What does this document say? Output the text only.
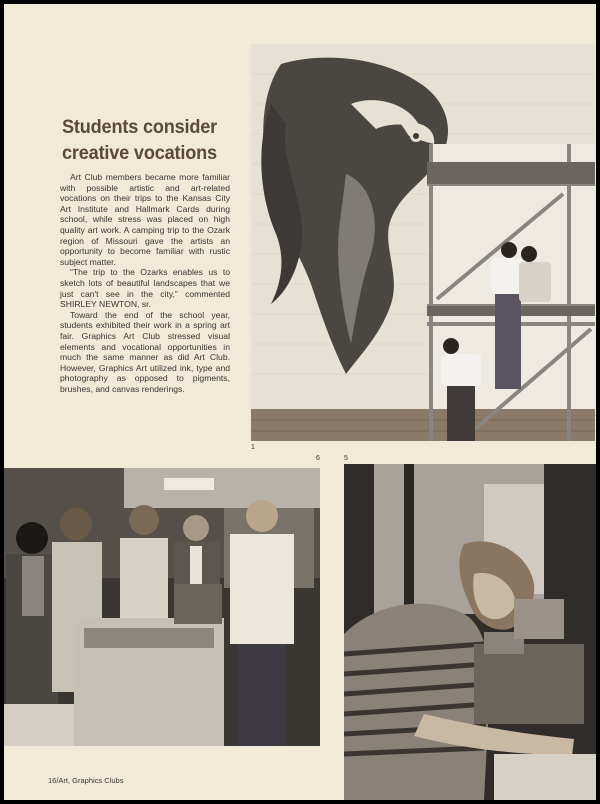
Students consider
creative vocations

Art Club members became more familiar with possible artistic and art-related vocations on their trips to the Kansas City Art Institute and Hallmark Cards during school, while stress was placed on high quality art work. A camping trip to the Ozark region of Missouri gave the artists an opportunity to become familiar with rustic subject matter.

“The trip to the Ozarks enables us to sketch lots of beautiful landscapes that we just can't see in the city,” commented SHIRLEY NEWTON, sr.

Toward the end of the school year, students exhibited their work in a spring art fair. Graphics Art Club stressed visual elements and vocational opportunities in much the same manner as did Art Club. However, Graphics Art utilized ink, type and photography as opposed to pigments, brushes, and canvas renderings.

1
6	5
16/Art, Graphics Clubs
